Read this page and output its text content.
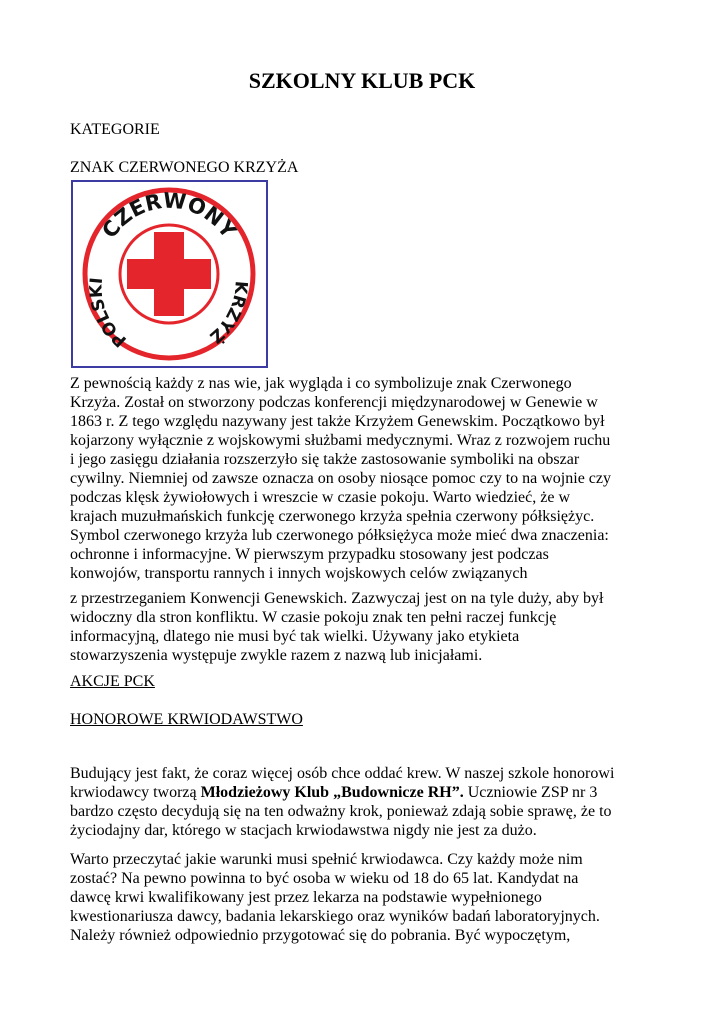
SZKOLNY KLUB PCK
KATEGORIE
ZNAK CZERWONEGO KRZYŻA
CZERWONY
POLSKI	KRZYŻ
Z pewnością każdy z nas wie, jak wygląda i co symbolizuje znak Czerwonego
Krzyża. Został on stworzony podczas konferencji międzynarodowej w Genewie w
1863 r. Z tego względu nazywany jest także Krzyżem Genewskim. Początkowo był
kojarzony wyłącznie z wojskowymi służbami medycznymi. Wraz z rozwojem ruchu
i jego zasięgu działania rozszerzyło się także zastosowanie symboliki na obszar
cywilny. Niemniej od zawsze oznacza on osoby niosące pomoc czy to na wojnie czy
podczas klęsk żywiołowych i wreszcie w czasie pokoju. Warto wiedzieć, że w
krajach muzułmańskich funkcję czerwonego krzyża spełnia czerwony półksiężyc.
Symbol czerwonego krzyża lub czerwonego półksiężyca może mieć dwa znaczenia:
ochronne i informacyjne. W pierwszym przypadku stosowany jest podczas
konwojów, transportu rannych i innych wojskowych celów związanych
z przestrzeganiem Konwencji Genewskich. Zazwyczaj jest on na tyle duży, aby był
widoczny dla stron konfliktu. W czasie pokoju znak ten pełni raczej funkcję
informacyjną, dlatego nie musi być tak wielki. Używany jako etykieta
stowarzyszenia występuje zwykle razem z nazwą lub inicjałami.
AKCJE PCK
HONOROWE KRWIODAWSTWO
Budujący jest fakt, że coraz więcej osób chce oddać krew. W naszej szkole honorowi
krwiodawcy tworzą Młodzieżowy Klub „Budownicze RH”. Uczniowie ZSP nr 3
bardzo często decydują się na ten odważny krok, ponieważ zdają sobie sprawę, że to
życiodajny dar, którego w stacjach krwiodawstwa nigdy nie jest za dużo.
Warto przeczytać jakie warunki musi spełnić krwiodawca. Czy każdy może nim
zostać? Na pewno powinna to być osoba w wieku od 18 do 65 lat. Kandydat na
dawcę krwi kwalifikowany jest przez lekarza na podstawie wypełnionego
kwestionariusza dawcy, badania lekarskiego oraz wyników badań laboratoryjnych.
Należy również odpowiednio przygotować się do pobrania. Być wypoczętym,
